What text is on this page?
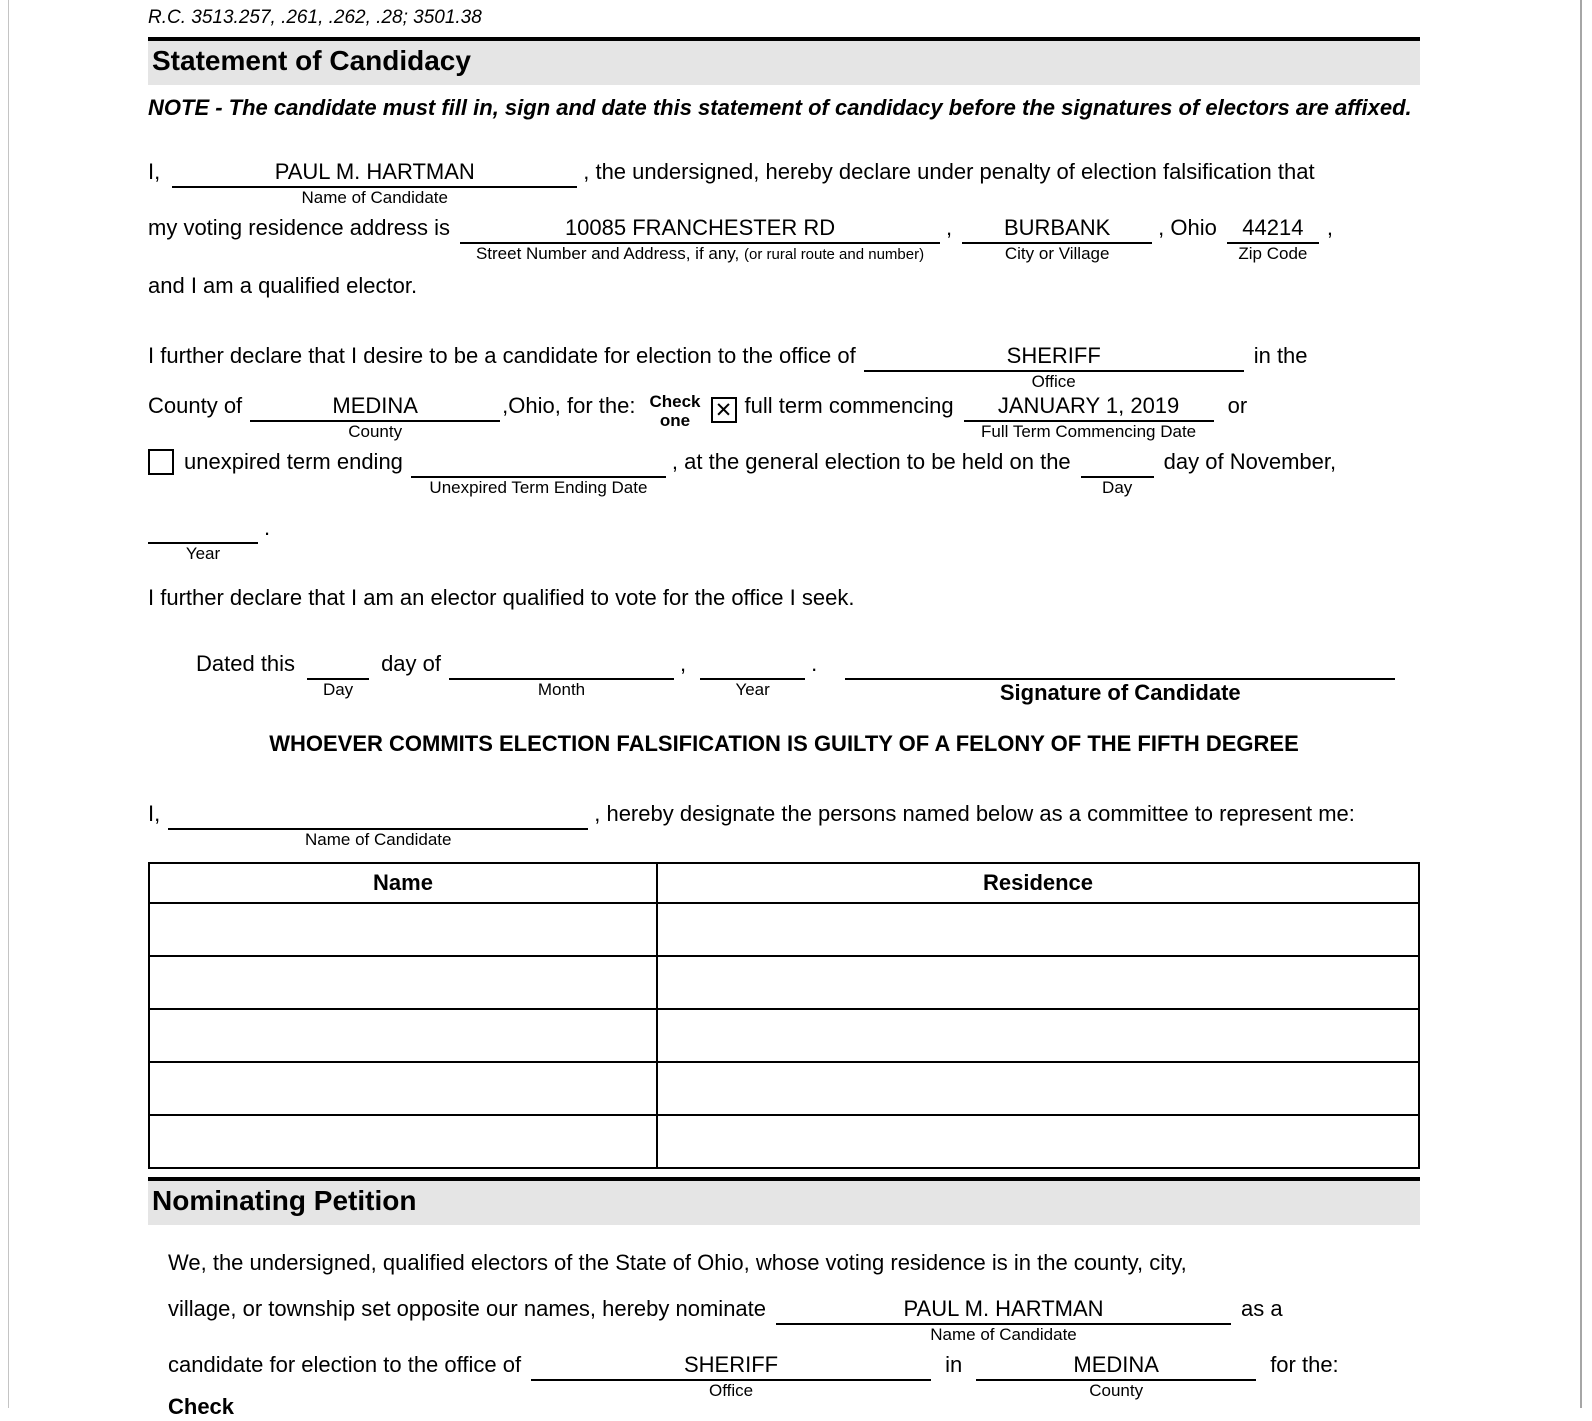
R.C. 3513.257, .261, .262, .28; 3501.38
Statement of Candidacy
NOTE - The candidate must fill in, sign and date this statement of candidacy before the signatures of electors are affixed.
I,	PAUL M. HARTMAN
Name of Candidate
, the undersigned, hereby declare under penalty of election falsification that
my voting residence address is	10085 FRANCHESTER RD
Street Number and Address, if any, (or rural route and number)
,	BURBANK
City or Village
, Ohio	44214
Zip Code
,
and I am a qualified elector.
I further declare that I desire to be a candidate for election to the office of	SHERIFF
Office
in the
County of	MEDINA
County
,Ohio, for the: Check
one	✕ full term commencing	JANUARY 1, 2019
Full Term Commencing Date
or
unexpired term ending
Unexpired Term Ending Date
, at the general election to be held on the
Day
day of November,
Year
.
I further declare that I am an elector qualified to vote for the office I seek.
Dated this
Day
day of
Month
,
Year
.
Signature of Candidate
WHOEVER COMMITS ELECTION FALSIFICATION IS GUILTY OF A FELONY OF THE FIFTH DEGREE
I,
Name of Candidate
, hereby designate the persons named below as a committee to represent me:
Name	Residence

Nominating Petition
We, the undersigned, qualified electors of the State of Ohio, whose voting residence is in the county, city,
village, or township set opposite our names, hereby nominate	PAUL M. HARTMAN
Name of Candidate
as a
candidate for election to the office of	SHERIFF
Office
in	MEDINA
County
for the:
Check
